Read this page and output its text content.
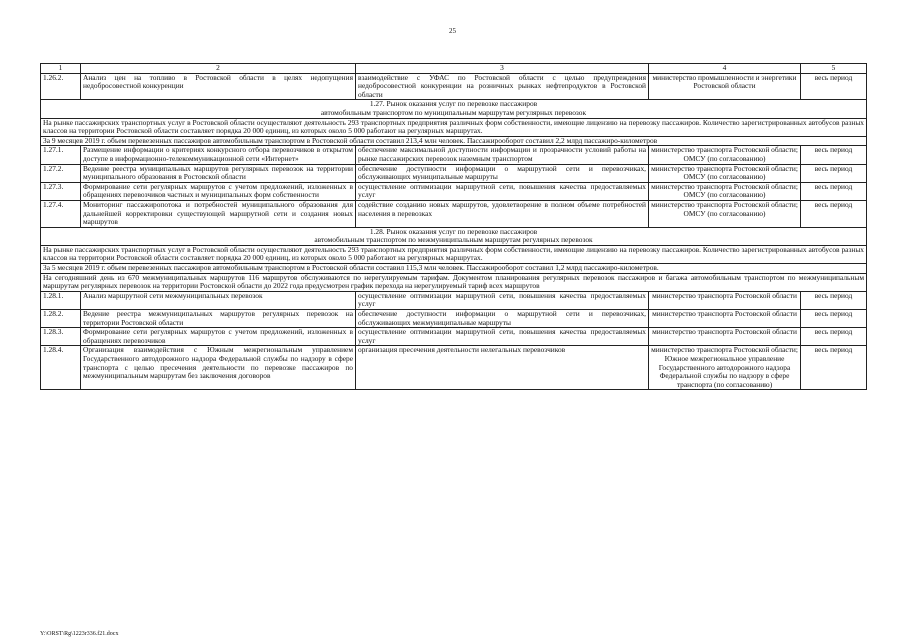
25
1	2	3	4	5
1.26.2.	Анализ цен на топливо в Ростовской области в целях недопущения недобросовестной конкуренции	взаимодействие с УФАС по Ростовской области с целью предупреждения недобросовестной конкуренции на розничных рынках нефтепродуктов в Ростовской области	министерство промышленности и энергетики Ростовской области	весь период

1.27. Рынок оказания услуг по перевозке пассажиров
автомобильным транспортом по муниципальным маршрутам регулярных перевозок				

На рынке пассажирских транспортных услуг в Ростовской области осуществляют деятельность 293 транспортных предприятия различных форм собственности, имеющие лицензию на перевозку пассажиров. Количество зарегистрированных автобусов разных классов на территории Ростовской области составляет порядка 20 000 единиц, из которых около 5 000 работают на регулярных маршрутах.				
За 9 месяцев 2019 г. объем перевезенных пассажиров автомобильным транспортом в Ростовской области составил 213,4 млн человек. Пассажирооборот составил 2,2 млрд пассажиро-километров				
1.27.1.	Размещение информации о критериях конкурсного отбора перевозчиков в открытом доступе в информационно-телекоммуникационной сети «Интернет»	обеспечение максимальной доступности информации и прозрачности условий работы на рынке пассажирских перевозок наземным транспортом	министерство транспорта Ростовской области; ОМСУ (по согласованию)	весь период
1.27.2.	Ведение реестра муниципальных маршрутов регулярных перевозок на территории муниципального образования в Ростовской области	обеспечение доступности информации о маршрутной сети и перевозчиках, обслуживающих муниципальные маршруты	министерство транспорта Ростовской области; ОМСУ (по согласованию)	весь период
1.27.3.	Формирование сети регулярных маршрутов с учетом предложений, изложенных в обращениях перевозчиков частных и муниципальных форм собственности	осуществление оптимизации маршрутной сети, повышения качества предоставляемых услуг	министерство транспорта Ростовской области; ОМСУ (по согласованию)	весь период
1.27.4.	Мониторинг пассажиропотока и потребностей муниципального образования для дальнейшей корректировки существующей маршрутной сети и создания новых маршрутов	содействие созданию новых маршрутов, удовлетворение в полном объеме потребностей населения в перевозках	министерство транспорта Ростовской области; ОМСУ (по согласованию)	весь период

1.28. Рынок оказания услуг по перевозке пассажиров
автомобильным транспортом по межмуниципальным маршрутам регулярных перевозок				

На рынке пассажирских транспортных услуг в Ростовской области осуществляют деятельность 293 транспортных предприятия различных форм собственности, имеющие лицензию на перевозку пассажиров. Количество зарегистрированных автобусов разных классов на территории Ростовской области составляет порядка 20 000 единиц, из которых около 5 000 работают на регулярных маршрутах.				
За 5 месяцев 2019 г. объем перевезенных пассажиров автомобильным транспортом в Ростовской области составил 115,3 млн человек. Пассажирооборот составил 1,2 млрд пассажиро-километров.				
На сегодняшний день из 670 межмуниципальных маршрутов 116 маршрутов обслуживаются по нерегулируемым тарифам. Документом планирования регулярных перевозок пассажиров и багажа автомобильным транспортом по межмуниципальным маршрутам регулярных перевозок на территории Ростовской области до 2022 года предусмотрен график перехода на нерегулируемый тариф всех маршрутов				
1.28.1.	Анализ маршрутной сети межмуниципальных перевозок	осуществление оптимизации маршрутной сети, повышения качества предоставляемых услуг	министерство транспорта Ростовской области	весь период
1.28.2.	Ведение реестра межмуниципальных маршрутов регулярных перевозок на территории Ростовской области	обеспечение доступности информации о маршрутной сети и перевозчиках, обслуживающих межмуниципальные маршруты	министерство транспорта Ростовской области	весь период
1.28.3.	Формирование сети регулярных маршрутов с учетом предложений, изложенных в обращениях перевозчиков	осуществление оптимизации маршрутной сети, повышения качества предоставляемых услуг	министерство транспорта Ростовской области	весь период
1.28.4.	Организация взаимодействия с Южным межрегиональным управлением Государственного автодорожного надзора Федеральной службы по надзору в сфере транспорта с целью пресечения деятельности по перевозке пассажиров по межмуниципальным маршрутам без заключения договоров	организация пресечения деятельности нелегальных перевозчиков	министерство транспорта Ростовской области; Южное межрегиональное управление Государственного автодорожного надзора Федеральной службы по надзору в сфере транспорта (по согласованию)	весь период
Y:\ORST\Rg\1223r336.f21.docx
